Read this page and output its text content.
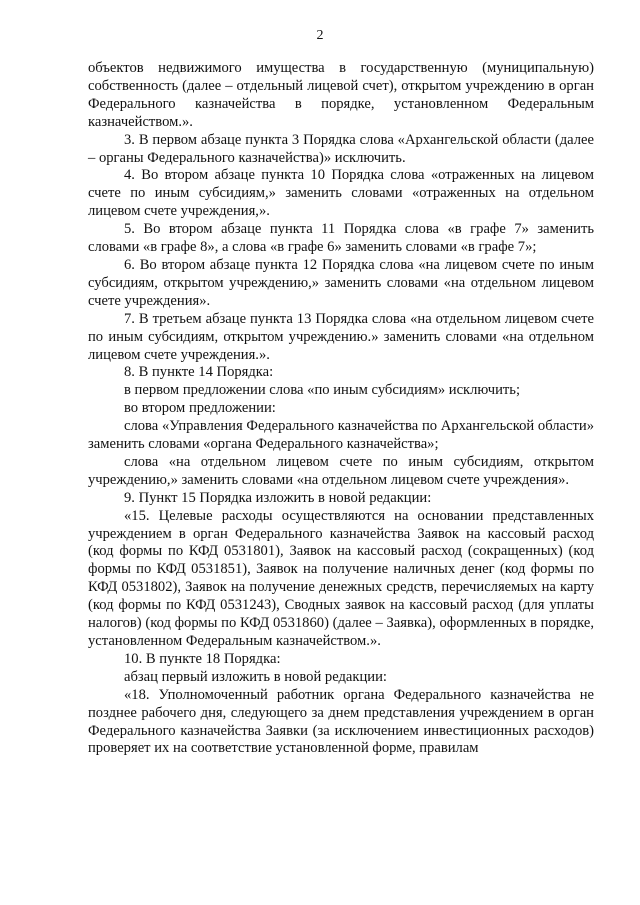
2

объектов недвижимого имущества в государственную (муниципальную) собственность (далее – отдельный лицевой счет), открытом учреждению в орган Федерального казначейства в порядке, установленном Федеральным казначейством.».

3. В первом абзаце пункта 3 Порядка слова «Архангельской области (далее – органы Федерального казначейства)» исключить.

4. Во втором абзаце пункта 10 Порядка слова «отраженных на лицевом счете по иным субсидиям,» заменить словами «отраженных на отдельном лицевом счете учреждения,».

5. Во втором абзаце пункта 11 Порядка слова «в графе 7» заменить словами «в графе 8», а слова «в графе 6» заменить словами «в графе 7»;

6. Во втором абзаце пункта 12 Порядка слова «на лицевом счете по иным субсидиям, открытом учреждению,» заменить словами «на отдельном лицевом счете учреждения».

7. В третьем абзаце пункта 13 Порядка слова «на отдельном лицевом счете по иным субсидиям, открытом учреждению.» заменить словами «на отдельном лицевом счете учреждения.».

8. В пункте 14 Порядка:

в первом предложении слова «по иным субсидиям» исключить;

во втором предложении:

слова «Управления Федерального казначейства по Архангельской области» заменить словами «органа Федерального казначейства»;

слова «на отдельном лицевом счете по иным субсидиям, открытом учреждению,» заменить словами «на отдельном лицевом счете учреждения».

9. Пункт 15 Порядка изложить в новой редакции:

«15. Целевые расходы осуществляются на основании представленных учреждением в орган Федерального казначейства Заявок на кассовый расход (код формы по КФД 0531801), Заявок на кассовый расход (сокращенных) (код формы по КФД 0531851), Заявок на получение наличных денег (код формы по КФД 0531802), Заявок на получение денежных средств, перечисляемых на карту (код формы по КФД 0531243), Сводных заявок на кассовый расход (для уплаты налогов) (код формы по КФД 0531860) (далее – Заявка), оформленных в порядке, установленном Федеральным казначейством.».

10. В пункте 18 Порядка:

абзац первый изложить в новой редакции:

«18. Уполномоченный работник органа Федерального казначейства не позднее рабочего дня, следующего за днем представления учреждением в орган Федерального казначейства Заявки (за исключением инвестиционных расходов) проверяет их на соответствие установленной форме, правилам
